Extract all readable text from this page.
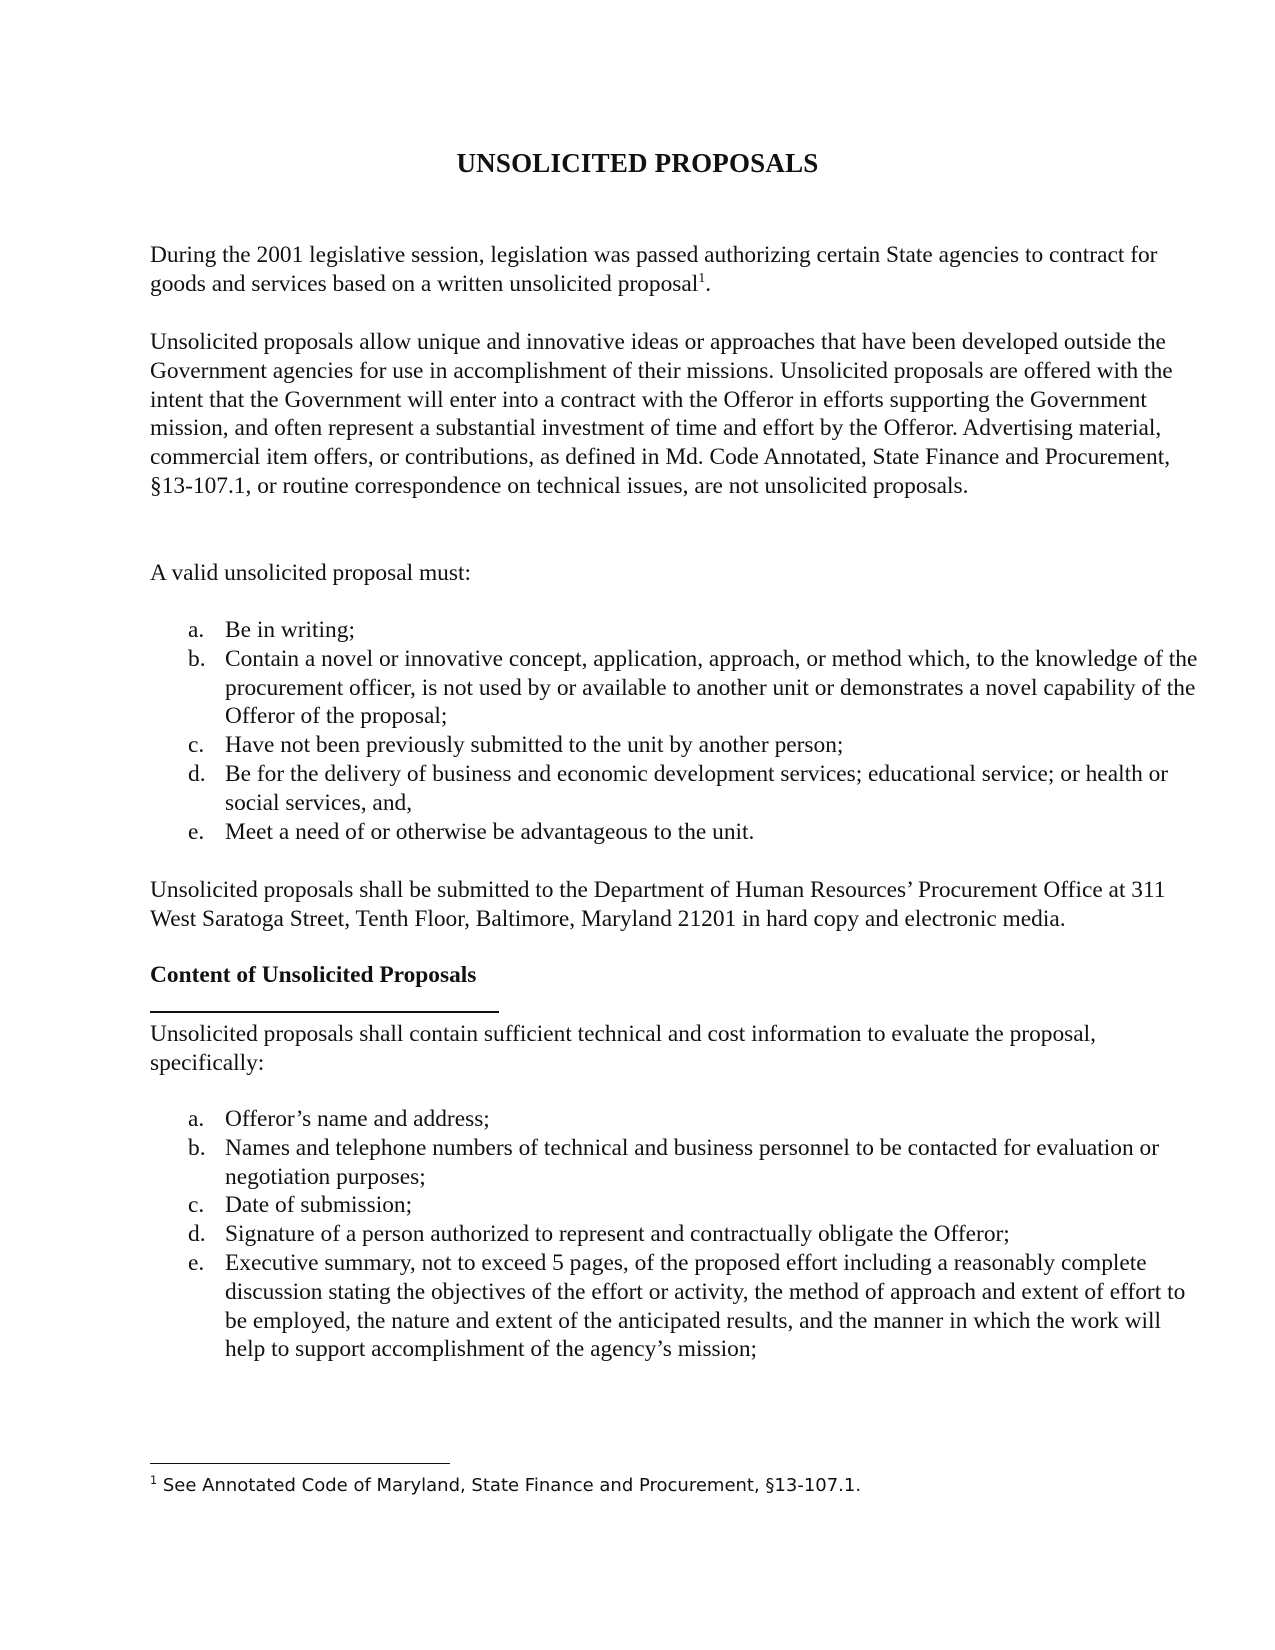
UNSOLICITED PROPOSALS

During the 2001 legislative session, legislation was passed authorizing certain State agencies to contract for goods and services based on a written unsolicited proposal$^1$.

Unsolicited proposals allow unique and innovative ideas or approaches that have been developed outside the Government agencies for use in accomplishment of their missions. Unsolicited proposals are offered with the intent that the Government will enter into a contract with the Offeror in efforts supporting the Government mission, and often represent a substantial investment of time and effort by the Offeror. Advertising material, commercial item offers, or contributions, as defined in Md. Code Annotated, State Finance and Procurement, §13-107.1, or routine correspondence on technical issues, are not unsolicited proposals.

A valid unsolicited proposal must:

a. Be in writing;
b. Contain a novel or innovative concept, application, approach, or method which, to the knowledge of the procurement officer, is not used by or available to another unit or demonstrates a novel capability of the Offeror of the proposal;
c. Have not been previously submitted to the unit by another person;
d. Be for the delivery of business and economic development services; educational service; or health or social services, and,
e. Meet a need of or otherwise be advantageous to the unit.

Unsolicited proposals shall be submitted to the Department of Human Resources’ Procurement Office at 311 West Saratoga Street, Tenth Floor, Baltimore, Maryland 21201 in hard copy and electronic media.

Content of Unsolicited Proposals

Unsolicited proposals shall contain sufficient technical and cost information to evaluate the proposal, specifically:

a. Offeror’s name and address;
b. Names and telephone numbers of technical and business personnel to be contacted for evaluation or negotiation purposes;
c. Date of submission;
d. Signature of a person authorized to represent and contractually obligate the Offeror;
e. Executive summary, not to exceed 5 pages, of the proposed effort including a reasonably complete discussion stating the objectives of the effort or activity, the method of approach and extent of effort to be employed, the nature and extent of the anticipated results, and the manner in which the work will help to support accomplishment of the agency’s mission;
$^1$ See Annotated Code of Maryland, State Finance and Procurement, §13-107.1.
